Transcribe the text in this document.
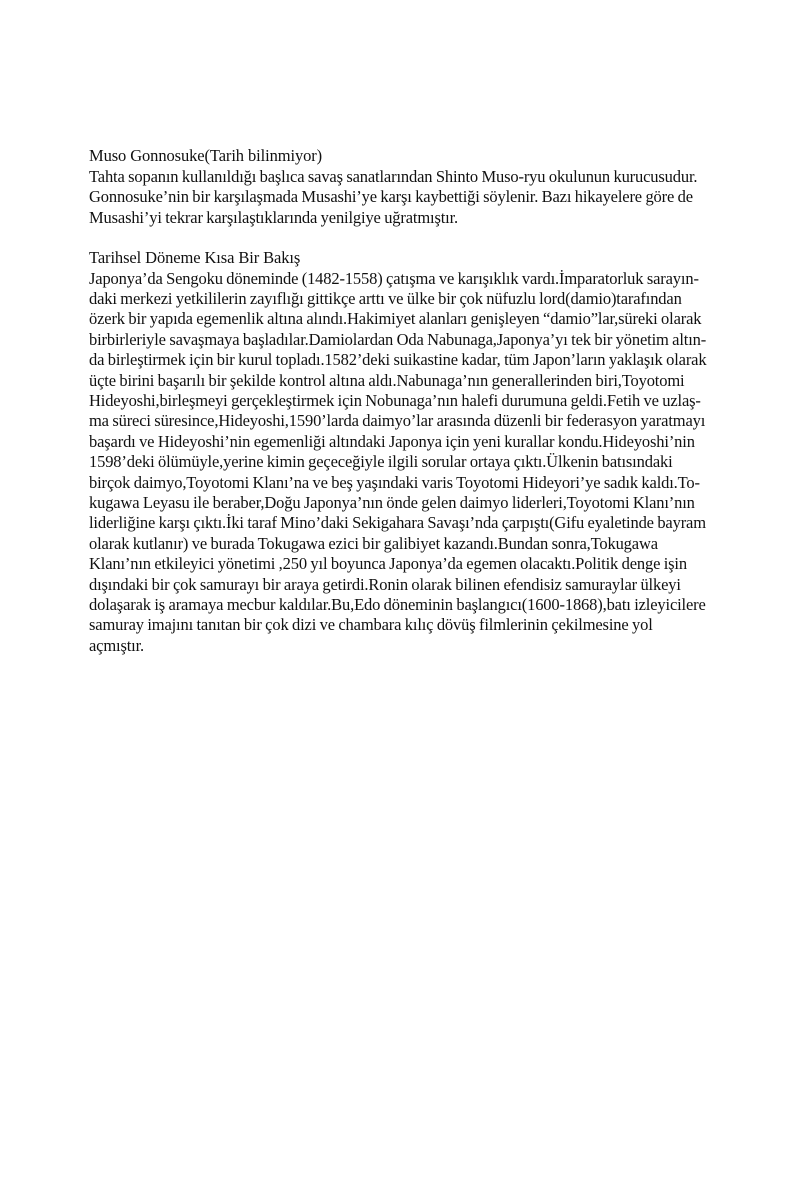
Muso Gonnosuke(Tarih bilinmiyor)
Tahta sopanın kullanıldığı başlıca savaş sanatlarından Shinto Muso-ryu okulunun kurucusudur.
Gonnosuke’nin bir karşılaşmada Musashi’ye karşı kaybettiği söylenir. Bazı hikayelere göre de
Musashi’yi tekrar karşılaştıklarında yenilgiye uğratmıştır.
Tarihsel Döneme Kısa Bir Bakış
Japonya’da Sengoku döneminde (1482-1558) çatışma ve karışıklık vardı.İmparatorluk sarayın-
daki merkezi yetkililerin zayıflığı gittikçe arttı ve ülke bir çok nüfuzlu lord(damio)tarafından
özerk bir yapıda egemenlik altına alındı.Hakimiyet alanları genişleyen “damio”lar,süreki olarak
birbirleriyle savaşmaya başladılar.Damiolardan Oda Nabunaga,Japonya’yı tek bir yönetim altın-
da birleştirmek için bir kurul topladı.1582’deki suikastine kadar, tüm Japon’ların yaklaşık olarak
üçte birini başarılı bir şekilde kontrol altına aldı.Nabunaga’nın generallerinden biri,Toyotomi
Hideyoshi,birleşmeyi gerçekleştirmek için Nobunaga’nın halefi durumuna geldi.Fetih ve uzlaş-
ma süreci süresince,Hideyoshi,1590’larda daimyo’lar arasında düzenli bir federasyon yaratmayı
başardı ve Hideyoshi’nin egemenliği altındaki Japonya için yeni kurallar kondu.Hideyoshi’nin
1598’deki ölümüyle,yerine kimin geçeceğiyle ilgili sorular ortaya çıktı.Ülkenin batısındaki
birçok daimyo,Toyotomi Klanı’na ve beş yaşındaki varis Toyotomi Hideyori’ye sadık kaldı.To-
kugawa Leyasu ile beraber,Doğu Japonya’nın önde gelen daimyo liderleri,Toyotomi Klanı’nın
liderliğine karşı çıktı.İki taraf Mino’daki Sekigahara Savaşı’nda çarpıştı(Gifu eyaletinde bayram
olarak kutlanır) ve burada Tokugawa ezici bir galibiyet kazandı.Bundan sonra,Tokugawa
Klanı’nın etkileyici yönetimi ,250 yıl boyunca Japonya’da egemen olacaktı.Politik denge işin
dışındaki bir çok samurayı bir araya getirdi.Ronin olarak bilinen efendisiz samuraylar ülkeyi
dolaşarak iş aramaya mecbur kaldılar.Bu,Edo döneminin başlangıcı(1600-1868),batı izleyicilere
samuray imajını tanıtan bir çok dizi ve chambara kılıç dövüş filmlerinin çekilmesine yol
açmıştır.
